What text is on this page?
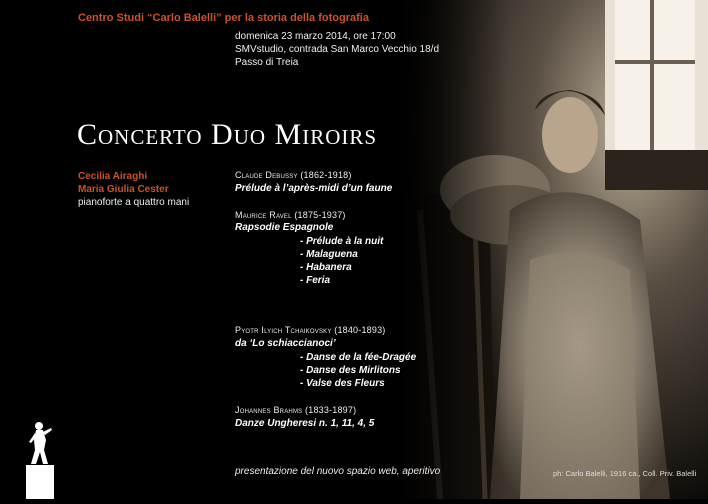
Centro Studi “Carlo Balelli” per la storia della fotografia
domenica 23 marzo 2014, ore 17:00
SMVstudio, contrada San Marco Vecchio 18/d
Passo di Treia
Concerto Duo Miroirs
Cecilia Airaghi
Maria Giulia Cester
pianoforte a quattro mani
Claude Debussy (1862-1918)
Prélude à l’après-midi d’un faune
Maurice Ravel (1875-1937)
Rapsodie Espagnole
- Prélude à la nuit
- Malaguena
- Habanera
- Feria
Pyotr Ilyich Tchaikovsky (1840-1893)
da ‘Lo schiaccianoci’
- Danse de la fée-Dragée
- Danse des Mirlitons
- Valse des Fleurs
Johannes Brahms (1833-1897)
Danze Ungheresi n. 1, 11, 4, 5
presentazione del nuovo spazio web, aperitivo	ph: Carlo Balelli, 1916 ca., Coll. Priv. Balelli
